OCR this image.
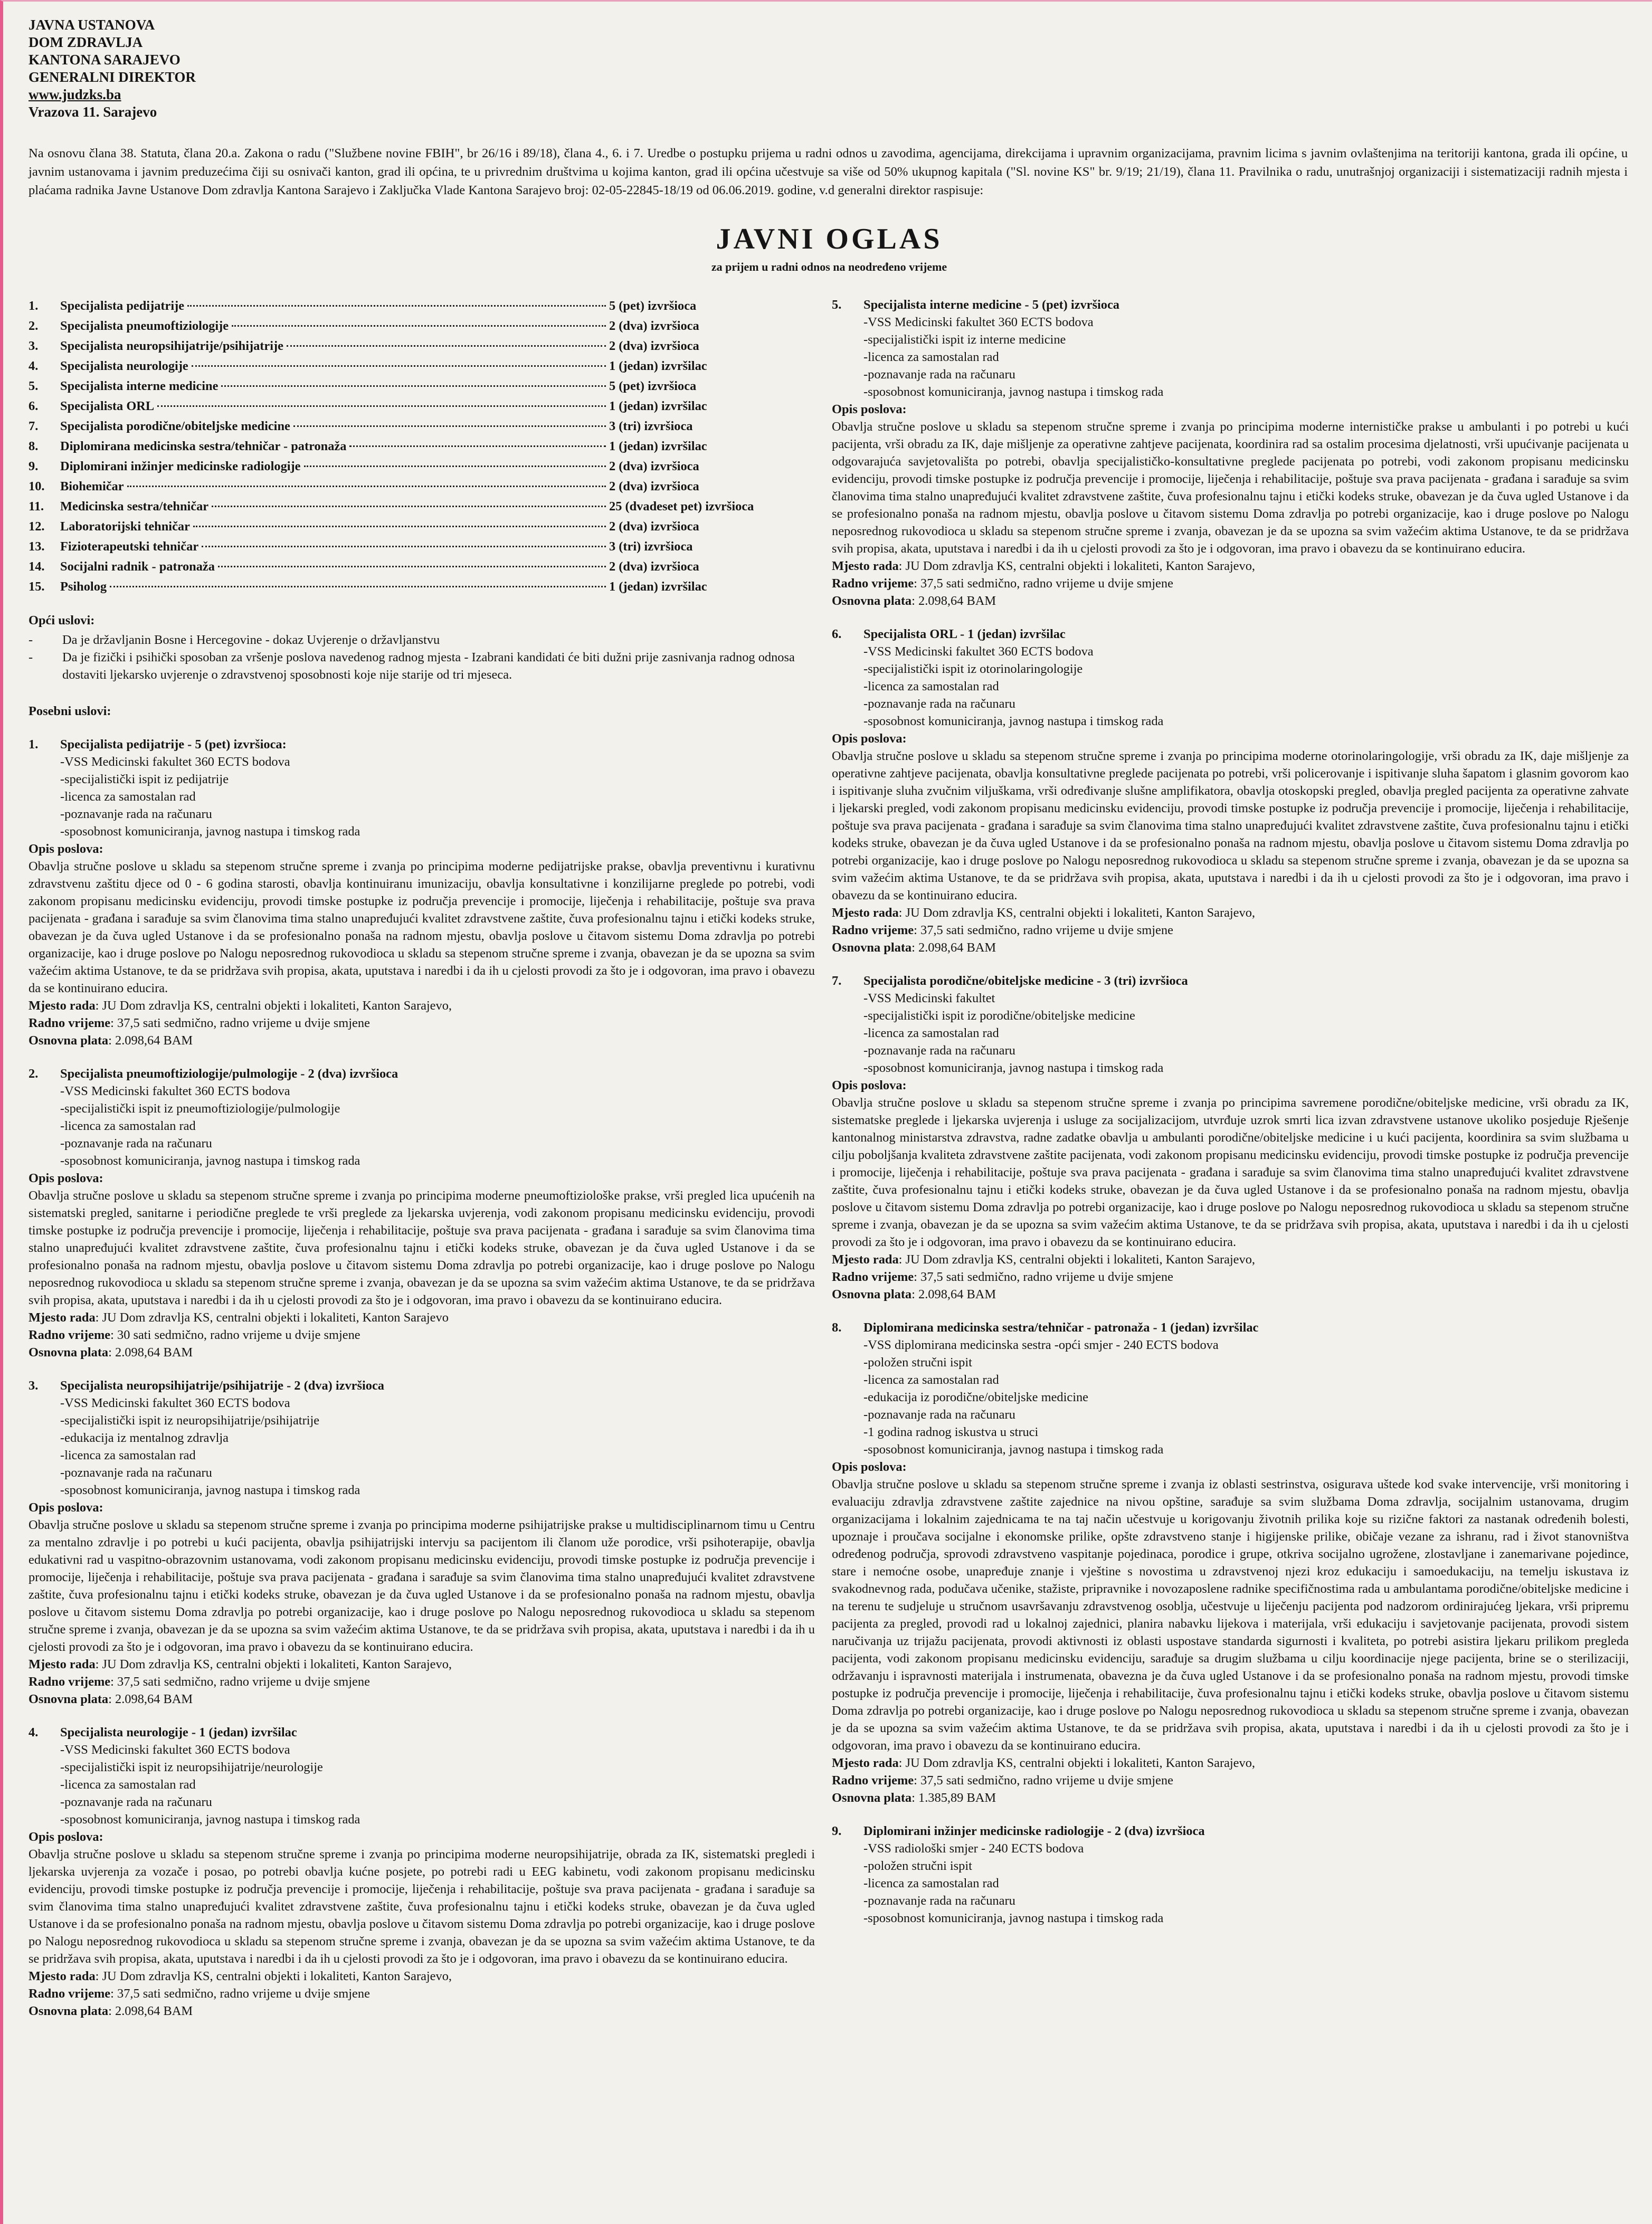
JAVNA USTANOVA
DOM ZDRAVLJA
KANTONA SARAJEVO
GENERALNI DIREKTOR
www.judzks.ba
Vrazova 11. Sarajevo
Na osnovu člana 38. Statuta, člana 20.a. Zakona o radu ("Službene novine FBIH", br 26/16 i 89/18), člana 4., 6. i 7. Uredbe o postupku prijema u radni odnos u zavodima, agencijama, direkcijama i upravnim organizacijama, pravnim licima s javnim ovlaštenjima na teritoriji kantona, grada ili općine, u javnim ustanovama i javnim preduzećima čiji su osnivači kanton, grad ili općina, te u privrednim društvima u kojima kanton, grad ili općina učestvuje sa više od 50% ukupnog kapitala ("Sl. novine KS" br. 9/19; 21/19), člana 11. Pravilnika o radu, unutrašnjoj organizaciji i sistematizaciji radnih mjesta i plaćama radnika Javne Ustanove Dom zdravlja Kantona Sarajevo i Zaključka Vlade Kantona Sarajevo broj: 02-05-22845-18/19 od 06.06.2019. godine, v.d generalni direktor raspisuje:
JAVNI OGLAS
za prijem u radni odnos na neodređeno vrijeme
1.	Specijalista pedijatrije	5 (pet) izvršioca
2.	Specijalista pneumoftiziologije	2 (dva) izvršioca
3.	Specijalista neuropsihijatrije/psihijatrije	2 (dva) izvršioca
4.	Specijalista neurologije	1 (jedan) izvršilac
5.	Specijalista interne medicine	5 (pet) izvršioca
6.	Specijalista ORL	1 (jedan) izvršilac
7.	Specijalista porodične/obiteljske medicine	3 (tri) izvršioca
8.	Diplomirana medicinska sestra/tehničar - patronaža	1 (jedan) izvršilac
9.	Diplomirani inžinjer medicinske radiologije	2 (dva) izvršioca
10.	Biohemičar	2 (dva) izvršioca
11.	Medicinska sestra/tehničar	25 (dvadeset pet) izvršioca
12.	Laboratorijski tehničar	2 (dva) izvršioca
13.	Fizioterapeutski tehničar	3 (tri) izvršioca
14.	Socijalni radnik - patronaža	2 (dva) izvršioca
15.	Psiholog	1 (jedan) izvršilac
Opći uslovi:
-	Da je državljanin Bosne i Hercegovine - dokaz Uvjerenje o državljanstvu
-	Da je fizički i psihički sposoban za vršenje poslova navedenog radnog mjesta - Izabrani kandidati će biti dužni prije zasnivanja radnog odnosa dostaviti ljekarsko uvjerenje o zdravstvenoj sposobnosti koje nije starije od tri mjeseca.
Posebni uslovi:
1.	Specijalista pedijatrije - 5 (pet) izvršioca:
-VSS Medicinski fakultet 360 ECTS bodova
-specijalistički ispit iz pedijatrije
-licenca za samostalan rad
-poznavanje rada na računaru
-sposobnost komuniciranja, javnog nastupa i timskog rada
Opis poslova:

Obavlja stručne poslove u skladu sa stepenom stručne spreme i zvanja po principima moderne pedijatrijske prakse, obavlja preventivnu i kurativnu zdravstvenu zaštitu djece od 0 - 6 godina starosti, obavlja kontinuiranu imunizaciju, obavlja konsultativne i konzilijarne preglede po potrebi, vodi zakonom propisanu medicinsku evidenciju, provodi timske postupke iz područja prevencije i promocije, liječenja i rehabilitacije, poštuje sva prava pacijenata - građana i sarađuje sa svim članovima tima stalno unapređujući kvalitet zdravstvene zaštite, čuva profesionalnu tajnu i etički kodeks struke, obavezan je da čuva ugled Ustanove i da se profesionalno ponaša na radnom mjestu, obavlja poslove u čitavom sistemu Doma zdravlja po potrebi organizacije, kao i druge poslove po Nalogu neposrednog rukovodioca u skladu sa stepenom stručne spreme i zvanja, obavezan je da se upozna sa svim važećim aktima Ustanove, te da se pridržava svih propisa, akata, uputstava i naredbi i da ih u cjelosti provodi za što je i odgovoran, ima pravo i obavezu da se kontinuirano educira.

Mjesto rada: JU Dom zdravlja KS, centralni objekti i lokaliteti, Kanton Sarajevo,
Radno vrijeme: 37,5 sati sedmično, radno vrijeme u dvije smjene
Osnovna plata: 2.098,64 BAM
2.	Specijalista pneumoftiziologije/pulmologije - 2 (dva) izvršioca
-VSS Medicinski fakultet 360 ECTS bodova
-specijalistički ispit iz pneumoftiziologije/pulmologije
-licenca za samostalan rad
-poznavanje rada na računaru
-sposobnost komuniciranja, javnog nastupa i timskog rada
Opis poslova:

Obavlja stručne poslove u skladu sa stepenom stručne spreme i zvanja po principima moderne pneumoftiziološke prakse, vrši pregled lica upućenih na sistematski pregled, sanitarne i periodične preglede te vrši preglede za ljekarska uvjerenja, vodi zakonom propisanu medicinsku evidenciju, provodi timske postupke iz područja prevencije i promocije, liječenja i rehabilitacije, poštuje sva prava pacijenata - građana i sarađuje sa svim članovima tima stalno unapređujući kvalitet zdravstvene zaštite, čuva profesionalnu tajnu i etički kodeks struke, obavezan je da čuva ugled Ustanove i da se profesionalno ponaša na radnom mjestu, obavlja poslove u čitavom sistemu Doma zdravlja po potrebi organizacije, kao i druge poslove po Nalogu neposrednog rukovodioca u skladu sa stepenom stručne spreme i zvanja, obavezan je da se upozna sa svim važećim aktima Ustanove, te da se pridržava svih propisa, akata, uputstava i naredbi i da ih u cjelosti provodi za što je i odgovoran, ima pravo i obavezu da se kontinuirano educira.

Mjesto rada: JU Dom zdravlja KS, centralni objekti i lokaliteti, Kanton Sarajevo
Radno vrijeme: 30 sati sedmično, radno vrijeme u dvije smjene
Osnovna plata: 2.098,64 BAM
3.	Specijalista neuropsihijatrije/psihijatrije - 2 (dva) izvršioca
-VSS Medicinski fakultet 360 ECTS bodova
-specijalistički ispit iz neuropsihijatrije/psihijatrije
-edukacija iz mentalnog zdravlja
-licenca za samostalan rad
-poznavanje rada na računaru
-sposobnost komuniciranja, javnog nastupa i timskog rada
Opis poslova:

Obavlja stručne poslove u skladu sa stepenom stručne spreme i zvanja po principima moderne psihijatrijske prakse u multidisciplinarnom timu u Centru za mentalno zdravlje i po potrebi u kući pacijenta, obavlja psihijatrijski intervju sa pacijentom ili članom uže porodice, vrši psihoterapije, obavlja edukativni rad u vaspitno-obrazovnim ustanovama, vodi zakonom propisanu medicinsku evidenciju, provodi timske postupke iz područja prevencije i promocije, liječenja i rehabilitacije, poštuje sva prava pacijenata - građana i sarađuje sa svim članovima tima stalno unapređujući kvalitet zdravstvene zaštite, čuva profesionalnu tajnu i etički kodeks struke, obavezan je da čuva ugled Ustanove i da se profesionalno ponaša na radnom mjestu, obavlja poslove u čitavom sistemu Doma zdravlja po potrebi organizacije, kao i druge poslove po Nalogu neposrednog rukovodioca u skladu sa stepenom stručne spreme i zvanja, obavezan je da se upozna sa svim važećim aktima Ustanove, te da se pridržava svih propisa, akata, uputstava i naredbi i da ih u cjelosti provodi za što je i odgovoran, ima pravo i obavezu da se kontinuirano educira.

Mjesto rada: JU Dom zdravlja KS, centralni objekti i lokaliteti, Kanton Sarajevo,
Radno vrijeme: 37,5 sati sedmično, radno vrijeme u dvije smjene
Osnovna plata: 2.098,64 BAM
4.	Specijalista neurologije - 1 (jedan) izvršilac
-VSS Medicinski fakultet 360 ECTS bodova
-specijalistički ispit iz neuropsihijatrije/neurologije
-licenca za samostalan rad
-poznavanje rada na računaru
-sposobnost komuniciranja, javnog nastupa i timskog rada
Opis poslova:

Obavlja stručne poslove u skladu sa stepenom stručne spreme i zvanja po principima moderne neuropsihijatrije, obrada za IK, sistematski pregledi i ljekarska uvjerenja za vozače i posao, po potrebi obavlja kućne posjete, po potrebi radi u EEG kabinetu, vodi zakonom propisanu medicinsku evidenciju, provodi timske postupke iz područja prevencije i promocije, liječenja i rehabilitacije, poštuje sva prava pacijenata - građana i sarađuje sa svim članovima tima stalno unapređujući kvalitet zdravstvene zaštite, čuva profesionalnu tajnu i etički kodeks struke, obavezan je da čuva ugled Ustanove i da se profesionalno ponaša na radnom mjestu, obavlja poslove u čitavom sistemu Doma zdravlja po potrebi organizacije, kao i druge poslove po Nalogu neposrednog rukovodioca u skladu sa stepenom stručne spreme i zvanja, obavezan je da se upozna sa svim važećim aktima Ustanove, te da se pridržava svih propisa, akata, uputstava i naredbi i da ih u cjelosti provodi za što je i odgovoran, ima pravo i obavezu da se kontinuirano educira.

Mjesto rada: JU Dom zdravlja KS, centralni objekti i lokaliteti, Kanton Sarajevo,
Radno vrijeme: 37,5 sati sedmično, radno vrijeme u dvije smjene
Osnovna plata: 2.098,64 BAM
5.	Specijalista interne medicine - 5 (pet) izvršioca
-VSS Medicinski fakultet 360 ECTS bodova
-specijalistički ispit iz interne medicine
-licenca za samostalan rad
-poznavanje rada na računaru
-sposobnost komuniciranja, javnog nastupa i timskog rada
Opis poslova:

Obavlja stručne poslove u skladu sa stepenom stručne spreme i zvanja po principima moderne internističke prakse u ambulanti i po potrebi u kući pacijenta, vrši obradu za IK, daje mišljenje za operativne zahtjeve pacijenata, koordinira rad sa ostalim procesima djelatnosti, vrši upućivanje pacijenata u odgovarajuća savjetovališta po potrebi, obavlja specijalističko-konsultativne preglede pacijenata po potrebi, vodi zakonom propisanu medicinsku evidenciju, provodi timske postupke iz područja prevencije i promocije, liječenja i rehabilitacije, poštuje sva prava pacijenata - građana i sarađuje sa svim članovima tima stalno unapređujući kvalitet zdravstvene zaštite, čuva profesionalnu tajnu i etički kodeks struke, obavezan je da čuva ugled Ustanove i da se profesionalno ponaša na radnom mjestu, obavlja poslove u čitavom sistemu Doma zdravlja po potrebi organizacije, kao i druge poslove po Nalogu neposrednog rukovodioca u skladu sa stepenom stručne spreme i zvanja, obavezan je da se upozna sa svim važećim aktima Ustanove, te da se pridržava svih propisa, akata, uputstava i naredbi i da ih u cjelosti provodi za što je i odgovoran, ima pravo i obavezu da se kontinuirano educira.

Mjesto rada: JU Dom zdravlja KS, centralni objekti i lokaliteti, Kanton Sarajevo,
Radno vrijeme: 37,5 sati sedmično, radno vrijeme u dvije smjene
Osnovna plata: 2.098,64 BAM
6.	Specijalista ORL - 1 (jedan) izvršilac
-VSS Medicinski fakultet 360 ECTS bodova
-specijalistički ispit iz otorinolaringologije
-licenca za samostalan rad
-poznavanje rada na računaru
-sposobnost komuniciranja, javnog nastupa i timskog rada
Opis poslova:

Obavlja stručne poslove u skladu sa stepenom stručne spreme i zvanja po principima moderne otorinolaringologije, vrši obradu za IK, daje mišljenje za operativne zahtjeve pacijenata, obavlja konsultativne preglede pacijenata po potrebi, vrši policerovanje i ispitivanje sluha šapatom i glasnim govorom kao i ispitivanje sluha zvučnim viljuškama, vrši određivanje slušne amplifikatora, obavlja otoskopski pregled, obavlja pregled pacijenta za operativne zahvate i ljekarski pregled, vodi zakonom propisanu medicinsku evidenciju, provodi timske postupke iz područja prevencije i promocije, liječenja i rehabilitacije, poštuje sva prava pacijenata - građana i sarađuje sa svim članovima tima stalno unapređujući kvalitet zdravstvene zaštite, čuva profesionalnu tajnu i etički kodeks struke, obavezan je da čuva ugled Ustanove i da se profesionalno ponaša na radnom mjestu, obavlja poslove u čitavom sistemu Doma zdravlja po potrebi organizacije, kao i druge poslove po Nalogu neposrednog rukovodioca u skladu sa stepenom stručne spreme i zvanja, obavezan je da se upozna sa svim važećim aktima Ustanove, te da se pridržava svih propisa, akata, uputstava i naredbi i da ih u cjelosti provodi za što je i odgovoran, ima pravo i obavezu da se kontinuirano educira.

Mjesto rada: JU Dom zdravlja KS, centralni objekti i lokaliteti, Kanton Sarajevo,
Radno vrijeme: 37,5 sati sedmično, radno vrijeme u dvije smjene
Osnovna plata: 2.098,64 BAM
7.	Specijalista porodične/obiteljske medicine - 3 (tri) izvršioca
-VSS Medicinski fakultet
-specijalistički ispit iz porodične/obiteljske medicine
-licenca za samostalan rad
-poznavanje rada na računaru
-sposobnost komuniciranja, javnog nastupa i timskog rada
Opis poslova:

Obavlja stručne poslove u skladu sa stepenom stručne spreme i zvanja po principima savremene porodične/obiteljske medicine, vrši obradu za IK, sistematske preglede i ljekarska uvjerenja i usluge za socijalizacijom, utvrđuje uzrok smrti lica izvan zdravstvene ustanove ukoliko posjeduje Rješenje kantonalnog ministarstva zdravstva, radne zadatke obavlja u ambulanti porodične/obiteljske medicine i u kući pacijenta, koordinira sa svim službama u cilju poboljšanja kvaliteta zdravstvene zaštite pacijenata, vodi zakonom propisanu medicinsku evidenciju, provodi timske postupke iz područja prevencije i promocije, liječenja i rehabilitacije, poštuje sva prava pacijenata - građana i sarađuje sa svim članovima tima stalno unapređujući kvalitet zdravstvene zaštite, čuva profesionalnu tajnu i etički kodeks struke, obavezan je da čuva ugled Ustanove i da se profesionalno ponaša na radnom mjestu, obavlja poslove u čitavom sistemu Doma zdravlja po potrebi organizacije, kao i druge poslove po Nalogu neposrednog rukovodioca u skladu sa stepenom stručne spreme i zvanja, obavezan je da se upozna sa svim važećim aktima Ustanove, te da se pridržava svih propisa, akata, uputstava i naredbi i da ih u cjelosti provodi za što je i odgovoran, ima pravo i obavezu da se kontinuirano educira.

Mjesto rada: JU Dom zdravlja KS, centralni objekti i lokaliteti, Kanton Sarajevo,
Radno vrijeme: 37,5 sati sedmično, radno vrijeme u dvije smjene
Osnovna plata: 2.098,64 BAM
8.	Diplomirana medicinska sestra/tehničar - patronaža - 1 (jedan) izvršilac
-VSS diplomirana medicinska sestra -opći smjer - 240 ECTS bodova
-položen stručni ispit
-licenca za samostalan rad
-edukacija iz porodične/obiteljske medicine
-poznavanje rada na računaru
-1 godina radnog iskustva u struci
-sposobnost komuniciranja, javnog nastupa i timskog rada
Opis poslova:

Obavlja stručne poslove u skladu sa stepenom stručne spreme i zvanja iz oblasti sestrinstva, osigurava uštede kod svake intervencije, vrši monitoring i evaluaciju zdravlja zdravstvene zaštite zajednice na nivou opštine, sarađuje sa svim službama Doma zdravlja, socijalnim ustanovama, drugim organizacijama i lokalnim zajednicama te na taj način učestvuje u korigovanju životnih prilika koje su rizične faktori za nastanak određenih bolesti, upoznaje i proučava socijalne i ekonomske prilike, opšte zdravstveno stanje i higijenske prilike, običaje vezane za ishranu, rad i život stanovništva određenog područja, sprovodi zdravstveno vaspitanje pojedinaca, porodice i grupe, otkriva socijalno ugrožene, zlostavljane i zanemarivane pojedince, stare i nemoćne osobe, unapređuje znanje i vještine s novostima u zdravstvenoj njezi kroz edukaciju i samoedukaciju, na temelju iskustava iz svakodnevnog rada, podučava učenike, stažiste, pripravnike i novozaposlene radnike specifičnostima rada u ambulantama porodične/obiteljske medicine i na terenu te sudjeluje u stručnom usavršavanju zdravstvenog osoblja, učestvuje u liječenju pacijenta pod nadzorom ordinirajućeg ljekara, vrši pripremu pacijenta za pregled, provodi rad u lokalnoj zajednici, planira nabavku lijekova i materijala, vrši edukaciju i savjetovanje pacijenata, provodi sistem naručivanja uz trijažu pacijenata, provodi aktivnosti iz oblasti uspostave standarda sigurnosti i kvaliteta, po potrebi asistira ljekaru prilikom pregleda pacijenta, vodi zakonom propisanu medicinsku evidenciju, sarađuje sa drugim službama u cilju koordinacije njege pacijenta, brine se o sterilizaciji, održavanju i ispravnosti materijala i instrumenata, obavezna je da čuva ugled Ustanove i da se profesionalno ponaša na radnom mjestu, provodi timske postupke iz područja prevencije i promocije, liječenja i rehabilitacije, čuva profesionalnu tajnu i etički kodeks struke, obavlja poslove u čitavom sistemu Doma zdravlja po potrebi organizacije, kao i druge poslove po Nalogu neposrednog rukovodioca u skladu sa stepenom stručne spreme i zvanja, obavezan je da se upozna sa svim važećim aktima Ustanove, te da se pridržava svih propisa, akata, uputstava i naredbi i da ih u cjelosti provodi za što je i odgovoran, ima pravo i obavezu da se kontinuirano educira.

Mjesto rada: JU Dom zdravlja KS, centralni objekti i lokaliteti, Kanton Sarajevo,
Radno vrijeme: 37,5 sati sedmično, radno vrijeme u dvije smjene
Osnovna plata: 1.385,89 BAM
9.	Diplomirani inžinjer medicinske radiologije - 2 (dva) izvršioca
-VSS radiološki smjer - 240 ECTS bodova
-položen stručni ispit
-licenca za samostalan rad
-poznavanje rada na računaru
-sposobnost komuniciranja, javnog nastupa i timskog rada
